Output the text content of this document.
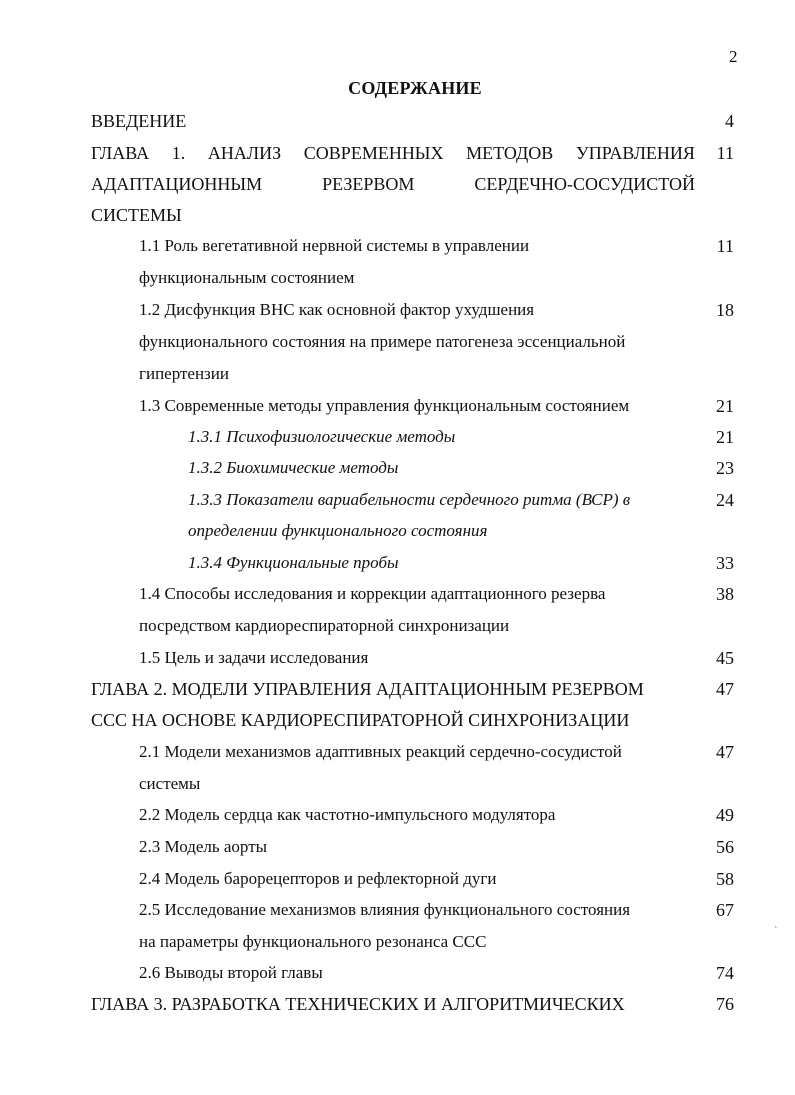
2
СОДЕРЖАНИЕ
ВВЕДЕНИЕ	4
ГЛАВА 1. АНАЛИЗ СОВРЕМЕННЫХ МЕТОДОВ УПРАВЛЕНИЯ 11
АДАПТАЦИОННЫМ	РЕЗЕРВОМ	СЕРДЕЧНО-СОСУДИСТОЙ
СИСТЕМЫ
1.1 Роль вегетативной нервной системы в управлении	11
функциональным состоянием
1.2 Дисфункция ВНС как основной фактор ухудшения	18
функционального состояния на примере патогенеза эссенциальной
гипертензии
1.3 Современные методы управления функциональным состоянием	21
1.3.1 Психофизиологические методы	21
1.3.2 Биохимические методы	23
1.3.3 Показатели вариабельности сердечного ритма (ВСР) в	24
определении функционального состояния
1.3.4 Функциональные пробы	33
1.4 Способы исследования и коррекции адаптационного резерва	38
посредством кардиореспираторной синхронизации
1.5 Цель и задачи исследования	45
ГЛАВА 2. МОДЕЛИ УПРАВЛЕНИЯ АДАПТАЦИОННЫМ РЕЗЕРВОМ	47
ССС НА ОСНОВЕ КАРДИОРЕСПИРАТОРНОЙ СИНХРОНИЗАЦИИ
2.1 Модели механизмов адаптивных реакций сердечно-сосудистой	47
системы
2.2 Модель сердца как частотно-импульсного модулятора	49
2.3 Модель аорты	56
2.4 Модель барорецепторов и рефлекторной дуги	58
2.5 Исследование механизмов влияния функционального состояния	67
на параметры функционального резонанса ССС
2.6 Выводы второй главы	74
ГЛАВА 3. РАЗРАБОТКА ТЕХНИЧЕСКИХ И АЛГОРИТМИЧЕСКИХ	76
ˋ
